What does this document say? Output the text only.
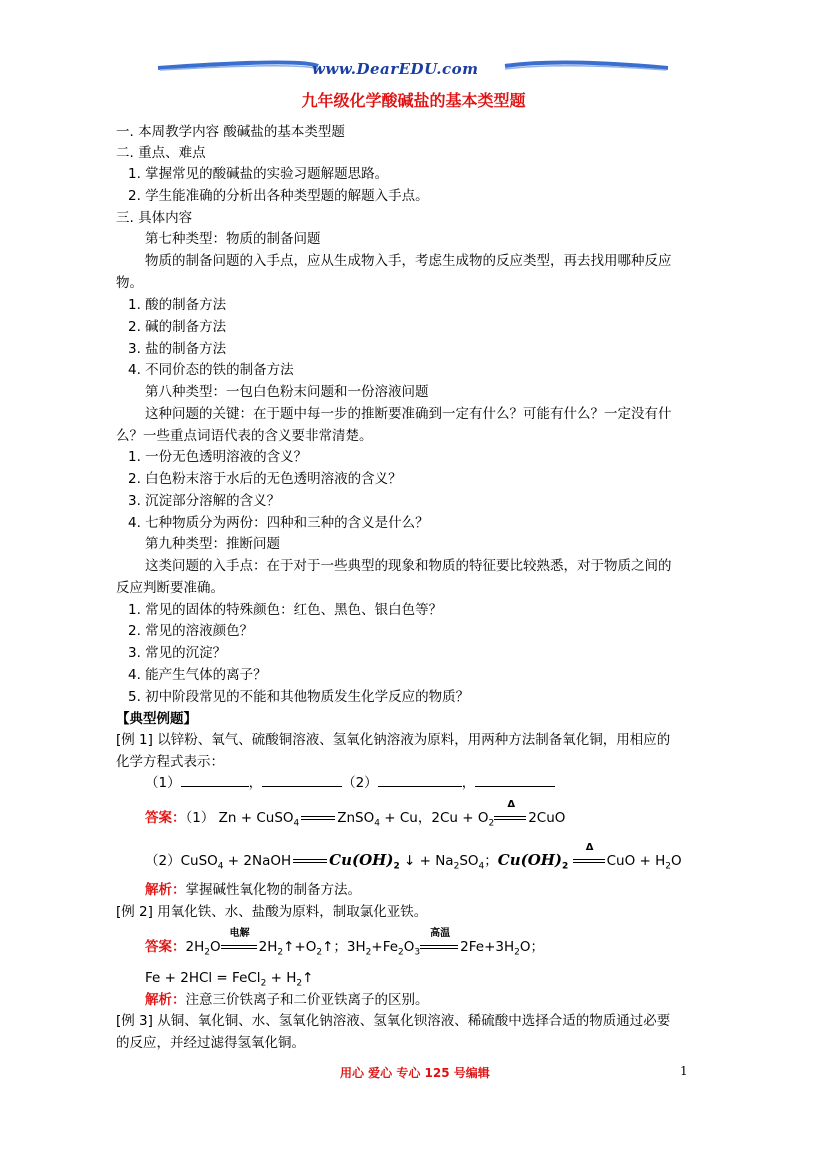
www.DearEDU.com
九年级化学酸碱盐的基本类型题
一. 本周教学内容 酸碱盐的基本类型题
二. 重点、难点
1. 掌握常见的酸碱盐的实验习题解题思路。
2. 学生能准确的分析出各种类型题的解题入手点。
三. 具体内容
第七种类型：物质的制备问题
物质的制备问题的入手点，应从生成物入手，考虑生成物的反应类型，再去找用哪种反应
物。
1. 酸的制备方法
2. 碱的制备方法
3. 盐的制备方法
4. 不同价态的铁的制备方法
第八种类型：一包白色粉末问题和一份溶液问题
这种问题的关键：在于题中每一步的推断要准确到一定有什么？可能有什么？一定没有什
么？一些重点词语代表的含义要非常清楚。
1. 一份无色透明溶液的含义？
2. 白色粉末溶于水后的无色透明溶液的含义？
3. 沉淀部分溶解的含义？
4. 七种物质分为两份：四种和三种的含义是什么？
第九种类型：推断问题
这类问题的入手点：在于对于一些典型的现象和物质的特征要比较熟悉，对于物质之间的
反应判断要准确。
1. 常见的固体的特殊颜色：红色、黑色、银白色等？
2. 常见的溶液颜色？
3. 常见的沉淀？
4. 能产生气体的离子？
5. 初中阶段常见的不能和其他物质发生化学反应的物质？
【典型例题】
[例 1] 以锌粉、氧气、硫酸铜溶液、氢氧化钠溶液为原料，用两种方法制备氧化铜，用相应的
化学方程式表示：
（1）	，	（2）	，
答案：（1） Zn + CuSO$_4$	ZnSO$_4$ + Cu，$2Cu + O_2$
Δ
2CuO
（2）CuSO$_4$ + 2NaOH	$Cu(OH)_2$ ↓ + $Na_2SO_4$；$Cu(OH)_2$
Δ
CuO + $H_2O$
解析：掌握碱性氧化物的制备方法。
[例 2] 用氧化铁、水、盐酸为原料，制取氯化亚铁。
答案：$2H_2O$
电解
$2H_2↑+O_2↑$；$3H_2+Fe_2O_3$
高温
$2Fe+3H_2O$；
Fe + 2HCl = FeCl$_2$ + $H_2↑$
解析：注意三价铁离子和二价亚铁离子的区别。
[例 3] 从铜、氧化铜、水、氢氧化钠溶液、氢氧化钡溶液、稀硫酸中选择合适的物质通过必要
的反应，并经过滤得氢氧化铜。
用心 爱心 专心 125 号编辑	1
